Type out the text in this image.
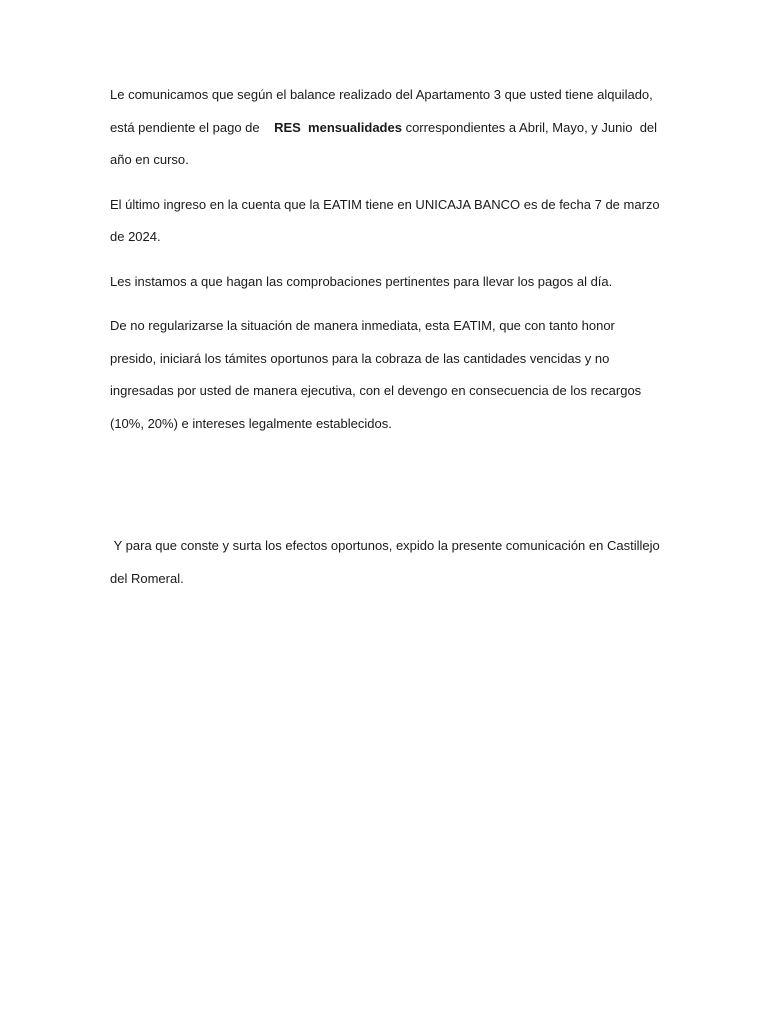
Le comunicamos que según el balance realizado del Apartamento 3 que usted tiene alquilado,
está pendiente el pago de    RES  mensualidades correspondientes a Abril, Mayo, y Junio  del
año en curso.

El último ingreso en la cuenta que la EATIM tiene en UNICAJA BANCO es de fecha 7 de marzo
de 2024.

Les instamos a que hagan las comprobaciones pertinentes para llevar los pagos al día.

De no regularizarse la situación de manera inmediata, esta EATIM, que con tanto honor
presido, iniciará los támites oportunos para la cobraza de las cantidades vencidas y no
ingresadas por usted de manera ejecutiva, con el devengo en consecuencia de los recargos
(10%, 20%) e intereses legalmente establecidos.

Y para que conste y surta los efectos oportunos, expido la presente comunicación en Castillejo
del Romeral.
